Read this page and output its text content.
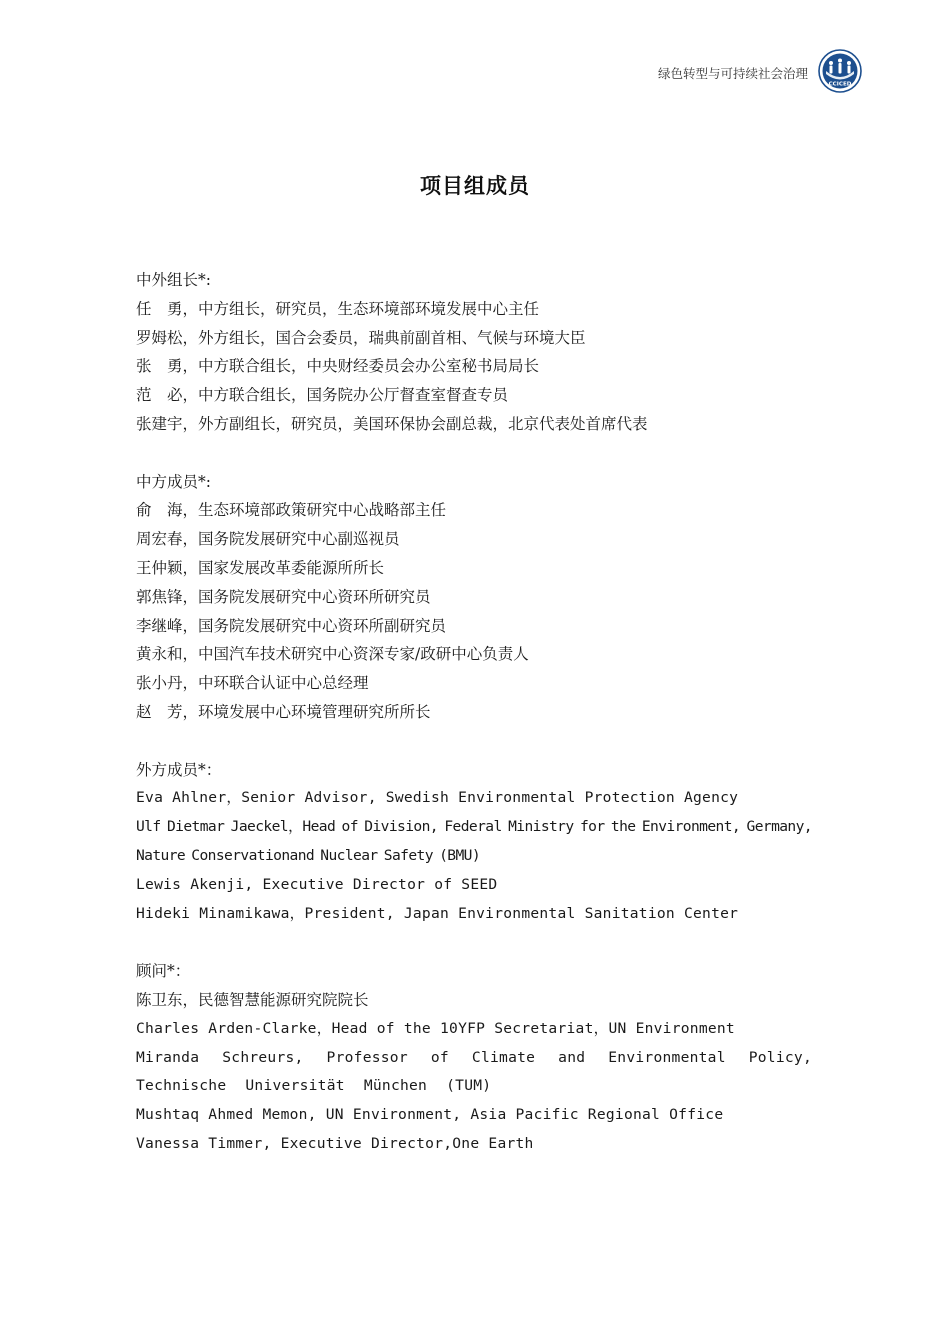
绿色转型与可持续社会治理
CCICED
项目组成员
中外组长*:
任　勇，中方组长，研究员，生态环境部环境发展中心主任
罗姆松，外方组长，国合会委员，瑞典前副首相、气候与环境大臣
张　勇，中方联合组长，中央财经委员会办公室秘书局局长
范　必，中方联合组长，国务院办公厅督查室督查专员
张建宇，外方副组长，研究员，美国环保协会副总裁，北京代表处首席代表
中方成员*:
俞　海，生态环境部政策研究中心战略部主任
周宏春，国务院发展研究中心副巡视员
王仲颖，国家发展改革委能源所所长
郭焦锋，国务院发展研究中心资环所研究员
李继峰，国务院发展研究中心资环所副研究员
黄永和，中国汽车技术研究中心资深专家/政研中心负责人
张小丹，中环联合认证中心总经理
赵　芳，环境发展中心环境管理研究所所长
外方成员*：
Eva Ahlner，Senior Advisor, Swedish Environmental Protection Agency
Ulf Dietmar Jaeckel，Head of Division, Federal Ministry for the Environment, Germany, Nature Conservationand Nuclear Safety (BMU)
Lewis Akenji, Executive Director of SEED
Hideki Minamikawa，President, Japan Environmental Sanitation Center
顾问*：
陈卫东，民德智慧能源研究院院长
Charles Arden-Clarke，Head of the 10YFP Secretariat，UN Environment
Miranda Schreurs, Professor of Climate and Environmental Policy, Technische Universität München (TUM)
Mushtaq Ahmed Memon, UN Environment, Asia Pacific Regional Office
Vanessa Timmer, Executive Director,One Earth
